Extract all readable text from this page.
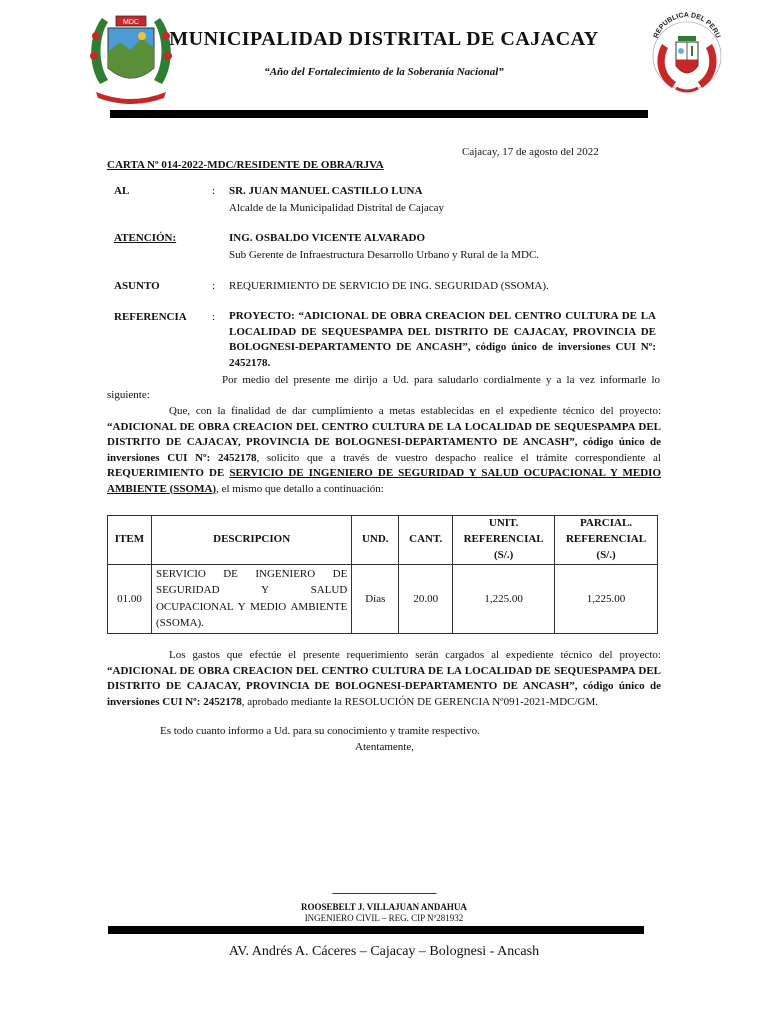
MDC
REPUBLICA DEL PERU
MUNICIPALIDAD DISTRITAL DE CAJACAY
“Año del Fortalecimiento de la Soberanía Nacional”
Cajacay, 17 de agosto del 2022
CARTA Nº 014-2022-MDC/RESIDENTE DE OBRA/RJVA
AL	: SR. JUAN MANUEL CASTILLO LUNA
Alcalde de la Municipalidad Distrital de Cajacay
ATENCIÓN:	ING. OSBALDO VICENTE ALVARADO
Sub Gerente de Infraestructura Desarrollo Urbano y Rural de la MDC.
ASUNTO	: REQUERIMIENTO DE SERVICIO DE ING. SEGURIDAD (SSOMA).
REFERENCIA : PROYECTO: “ADICIONAL DE OBRA CREACION DEL CENTRO CULTURA DE LA LOCALIDAD DE SEQUESPAMPA DEL DISTRITO DE CAJACAY, PROVINCIA DE BOLOGNESI-DEPARTAMENTO DE ANCASH”, código único de inversiones CUI Nº: 2452178.
Por medio del presente me dirijo a Ud. para saludarlo cordialmente y a la vez informarle lo
siguiente:
Que, con la finalidad de dar cumplimiento a metas establecidas en el expediente técnico del proyecto: “ADICIONAL DE OBRA CREACION DEL CENTRO CULTURA DE LA LOCALIDAD DE SEQUESPAMPA DEL DISTRITO DE CAJACAY, PROVINCIA DE BOLOGNESI-DEPARTAMENTO DE ANCASH”, código único de inversiones CUI Nº: 2452178, solicito que a través de vuestro despacho realice el trámite correspondiente al REQUERIMIENTO DE SERVICIO DE INGENIERO DE SEGURIDAD Y SALUD OCUPACIONAL Y MEDIO AMBIENTE (SSOMA), el mismo que detallo a continuación:
ITEM	DESCRIPCION	UND.	CANT.	UNIT. REFERENCIAL (S/.)	PARCIAL. REFERENCIAL (S/.)
01.00	SERVICIO DE INGENIERO DE SEGURIDAD Y SALUD OCUPACIONAL Y MEDIO AMBIENTE (SSOMA).	Días	20.00	1,225.00	1,225.00
Los gastos que efectúe el presente requerimiento serán cargados al expediente técnico del proyecto: “ADICIONAL DE OBRA CREACION DEL CENTRO CULTURA DE LA LOCALIDAD DE SEQUESPAMPA DEL DISTRITO DE CAJACAY, PROVINCIA DE BOLOGNESI-DEPARTAMENTO DE ANCASH”, código único de inversiones CUI Nº: 2452178, aprobado mediante la RESOLUCIÓN DE GERENCIA Nº091-2021-MDC/GM.
Es todo cuanto informo a Ud. para su conocimiento y tramite respectivo.
Atentamente,
----------------------------------------------------
ROOSEBELT J. VILLAJUAN ANDAHUA
INGENIERO CIVIL – REG. CIP Nº281932
AV. Andrés A. Cáceres – Cajacay – Bolognesi - Ancash
